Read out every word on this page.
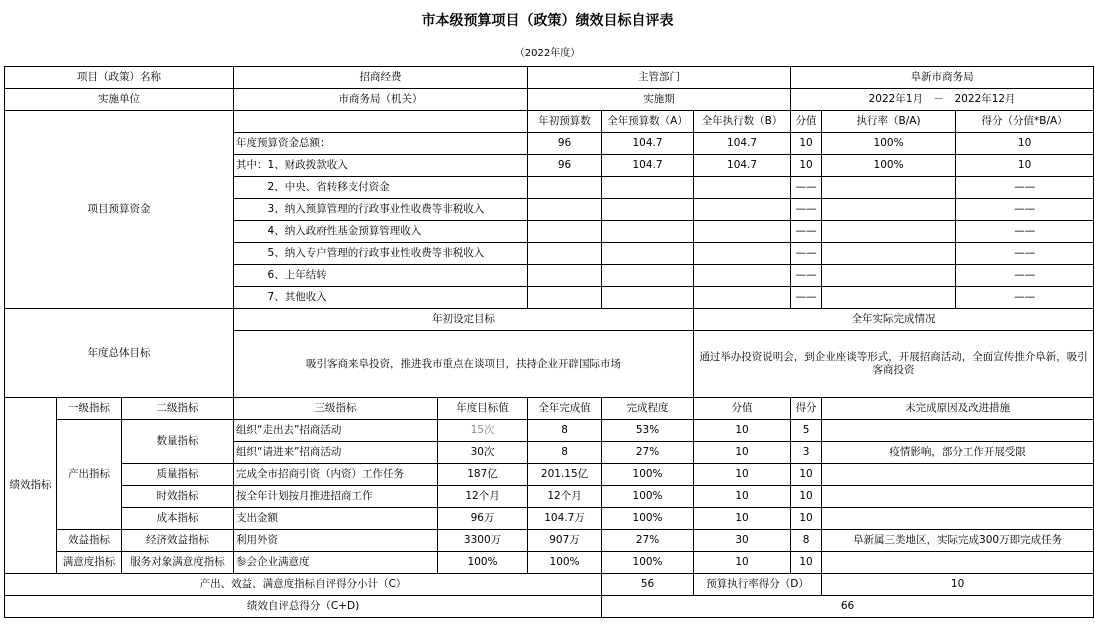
市本级预算项目（政策）绩效目标自评表
（2022年度）
项目（政策）名称			招商经费		主管部门			阜新市商务局		
实施单位			市商务局（机关）		实施期			2022年1月　－　2022年12月		
项目预算资金					年初预算数	全年预算数（A）	全年执行数（B）	分值	执行率（B/A)	得分（分值*B/A）
			年度预算资金总额：		96	104.7	104.7	10	100%	10
			其中：1、财政拨款收入		96	104.7	104.7	10	100%	10
			　　　2、中央、省转移支付资金					——		——
			　　　3、纳入预算管理的行政事业性收费等非税收入					——		——
			　　　4、纳入政府性基金预算管理收入					——		——
			　　　5、纳入专户管理的行政事业性收费等非税收入					——		——
			　　　6、上年结转					——		——
			　　　7、其他收入					——		——
年度总体目标			年初设定目标				全年实际完成情况			
			吸引客商来阜投资，推进我市重点在谈项目，扶持企业开辟国际市场				通过举办投资说明会，到企业座谈等形式，开展招商活动，全面宣传推介阜新，吸引客商投资			
绩效指标	一级指标	二级指标	三级指标	年度目标值	全年完成值	完成程度	分值	得分	未完成原因及改进措施	
	产出指标	数量指标	组织“走出去”招商活动	15次	8	53%	10	5		
			组织“请进来”招商活动	30次	8	27%	10	3	疫情影响，部分工作开展受限	
		质量指标	完成全市招商引资（内资）工作任务	187亿	201.15亿	100%	10	10		
		时效指标	按全年计划按月推进招商工作	12个月	12个月	100%	10	10		
		成本指标	支出金额	96万	104.7万	100%	10	10		
	效益指标	经济效益指标	利用外资	3300万	907万	27%	30	8	阜新属三类地区，实际完成300万即完成任务	
	满意度指标	服务对象满意度指标	参会企业满意度	100%	100%	100%	10	10		
产出、效益、满意度指标自评得分小计（C）						56	预算执行率得分（D）		10	
绩效自评总得分（C+D)						66				
